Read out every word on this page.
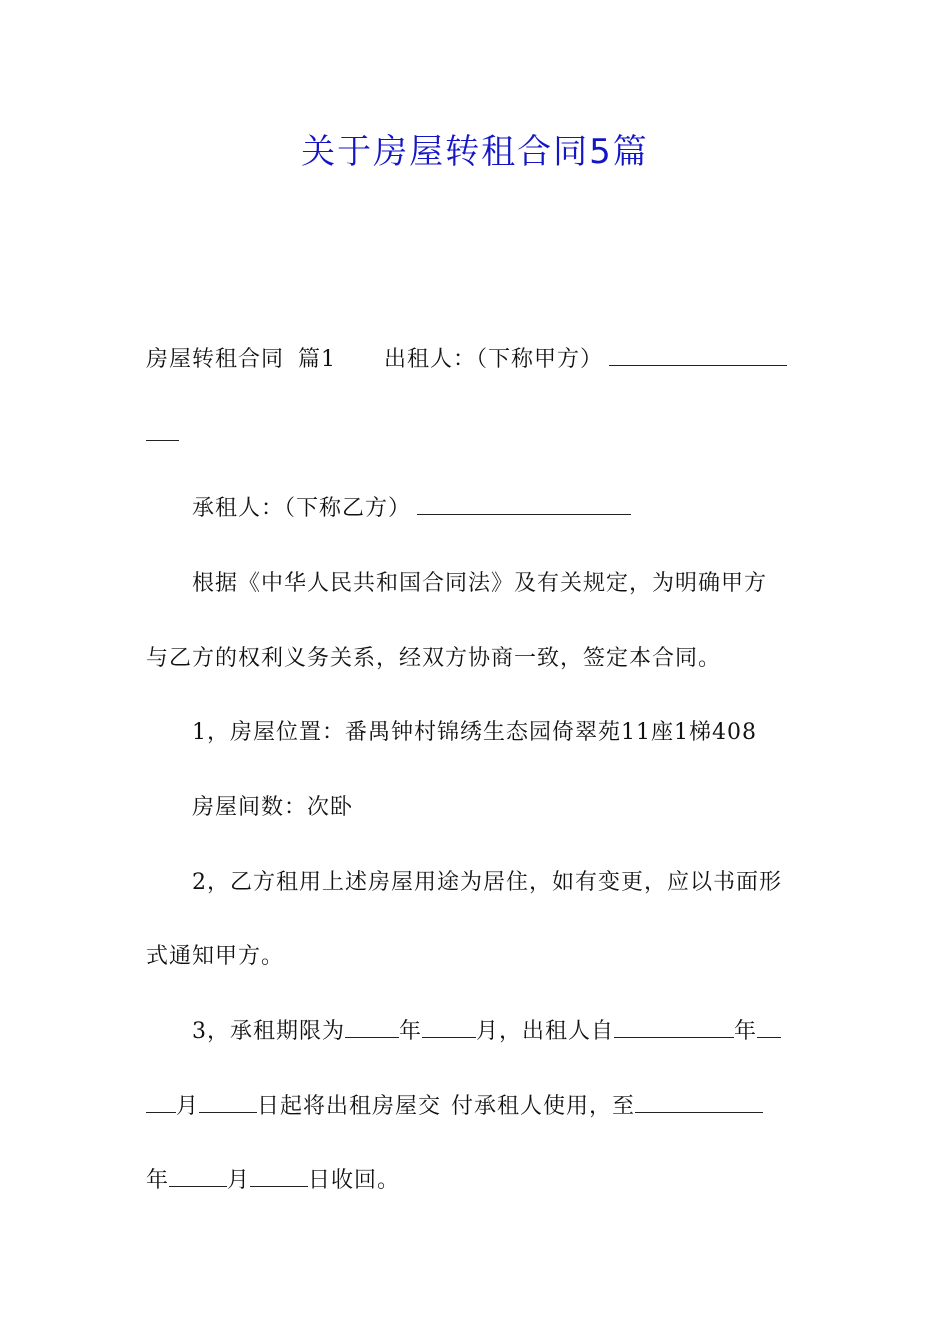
关于房屋转租合同5篇
房屋转租合同 篇1 出租人：（下称甲方）
承租人：（下称乙方）
根据《中华人民共和国合同法》及有关规定，为明确甲方
与乙方的权利义务关系，经双方协商一致，签定本合同。
1，房屋位置：番禺钟村锦绣生态园倚翠苑11座1梯408
房屋间数：次卧
2，乙方租用上述房屋用途为居住，如有变更，应以书面形
式通知甲方。
3，承租期限为 年 月，出租人自	年
月	日起将出租房屋交 付承租人使用，至
年	月	日收回。
